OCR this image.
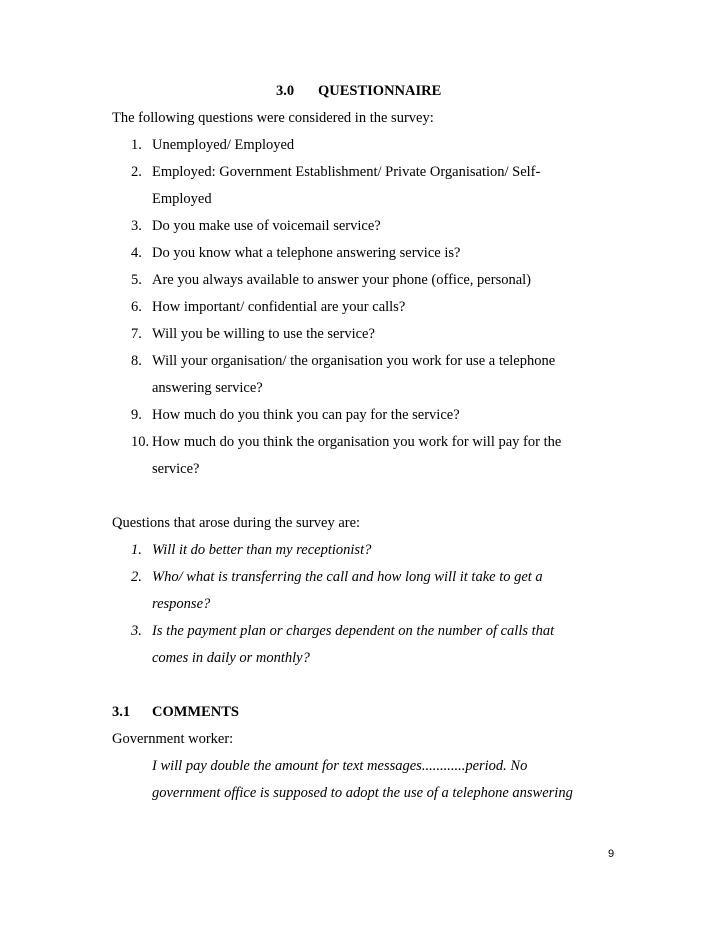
3.0 QUESTIONNAIRE
The following questions were considered in the survey:
1. Unemployed/ Employed
2. Employed: Government Establishment/ Private Organisation/ Self-
Employed
3. Do you make use of voicemail service?
4. Do you know what a telephone answering service is?
5. Are you always available to answer your phone (office, personal)
6. How important/ confidential are your calls?
7. Will you be willing to use the service?
8. Will your organisation/ the organisation you work for use a telephone
answering service?
9. How much do you think you can pay for the service?
10. How much do you think the organisation you work for will pay for the
service?
Questions that arose during the survey are:
1. Will it do better than my receptionist?
2. Who/ what is transferring the call and how long will it take to get a
response?
3. Is the payment plan or charges dependent on the number of calls that
comes in daily or monthly?
3.1 COMMENTS
Government worker:
I will pay double the amount for text messages............period. No
government office is supposed to adopt the use of a telephone answering
9
